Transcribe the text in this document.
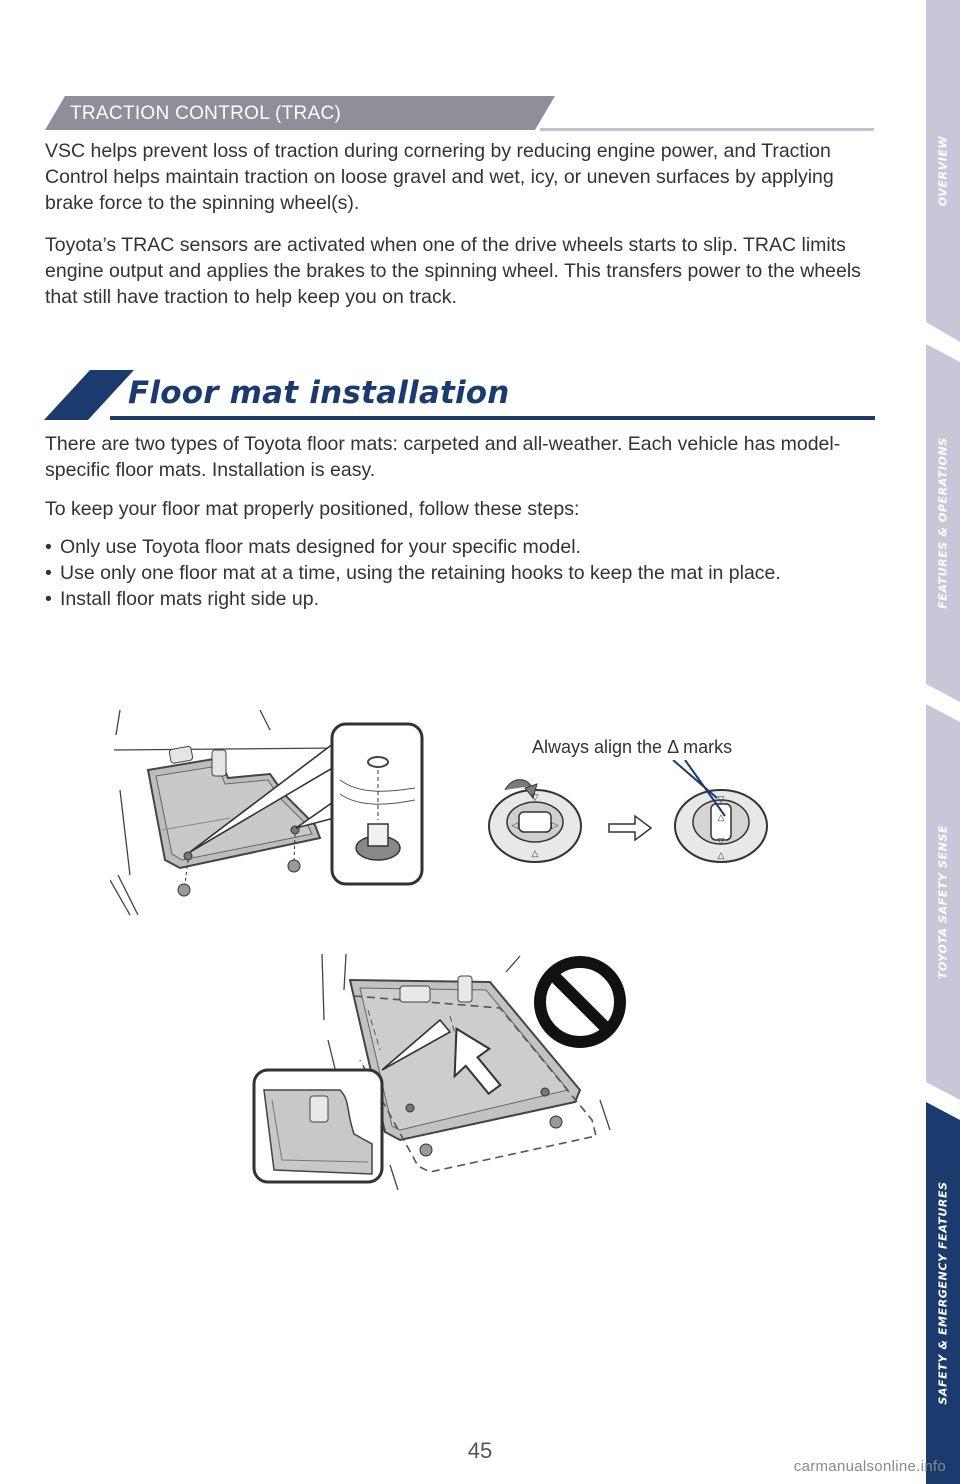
OVERVIEW
FEATURES & OPERATIONS
TOYOTA SAFETY SENSE
SAFETY & EMERGENCY FEATURES
TRACTION CONTROL (TRAC)

VSC helps prevent loss of traction during cornering by reducing engine power, and Traction Control helps maintain traction on loose gravel and wet, icy, or uneven surfaces by applying brake force to the spinning wheel(s).

Toyota’s TRAC sensors are activated when one of the drive wheels starts to slip. TRAC limits engine output and applies the brakes to the spinning wheel. This transfers power to the wheels that still have traction to help keep you on track.

Floor mat installation

There are two types of Toyota floor mats: carpeted and all-weather. Each vehicle has model-specific floor mats. Installation is easy.

To keep your floor mat properly positioned, follow these steps:

• Only use Toyota floor mats designed for your specific model.
• Use only one floor mat at a time, using the retaining hooks to keep the mat in place.
• Install floor mats right side up.
Always align the Δ marks
▽
◁	▷
△
▽
△
▽
△
45
carmanualsonline.info
